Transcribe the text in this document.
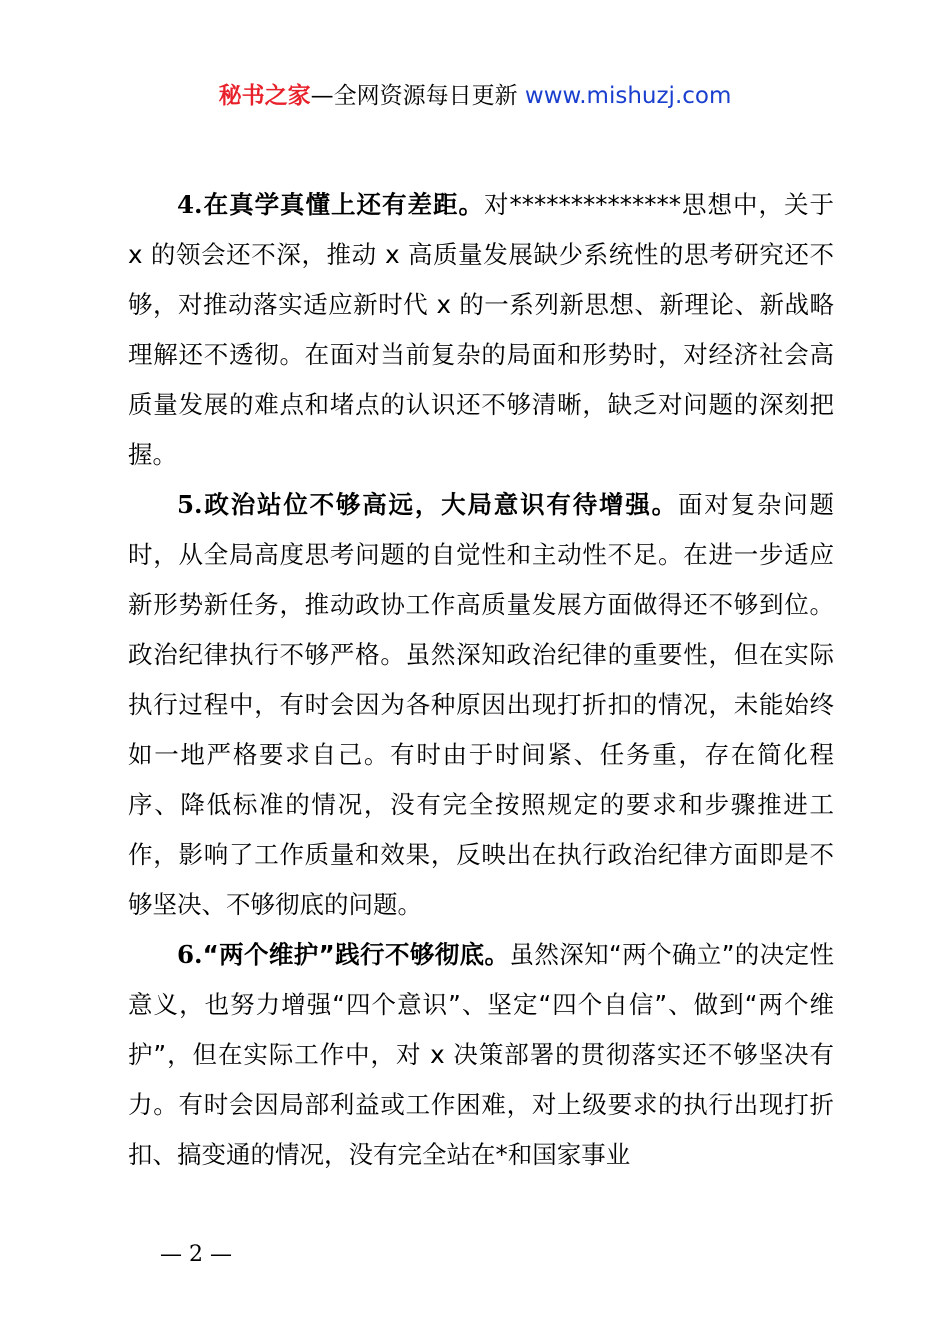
秘书之家—全网资源每日更新 www.mishuzj.com

4.在真学真懂上还有差距。对**************思想中，关于 x 的领会还不深，推动 x 高质量发展缺少系统性的思考研究还不够，对推动落实适应新时代 x 的一系列新思想、新理论、新战略理解还不透彻。在面对当前复杂的局面和形势时，对经济社会高质量发展的难点和堵点的认识还不够清晰，缺乏对问题的深刻把握。

5.政治站位不够高远，大局意识有待增强。面对复杂问题时，从全局高度思考问题的自觉性和主动性不足。在进一步适应新形势新任务，推动政协工作高质量发展方面做得还不够到位。政治纪律执行不够严格。虽然深知政治纪律的重要性，但在实际执行过程中，有时会因为各种原因出现打折扣的情况，未能始终如一地严格要求自己。有时由于时间紧、任务重，存在简化程序、降低标准的情况，没有完全按照规定的要求和步骤推进工作，影响了工作质量和效果，反映出在执行政治纪律方面即是不够坚决、不够彻底的问题。

6.“两个维护”践行不够彻底。虽然深知“两个确立”的决定性意义，也努力增强“四个意识”、坚定“四个自信”、做到“两个维护”，但在实际工作中，对 x 决策部署的贯彻落实还不够坚决有力。有时会因局部利益或工作困难，对上级要求的执行出现打折扣、搞变通的情况，没有完全站在*和国家事业

— 2 —
